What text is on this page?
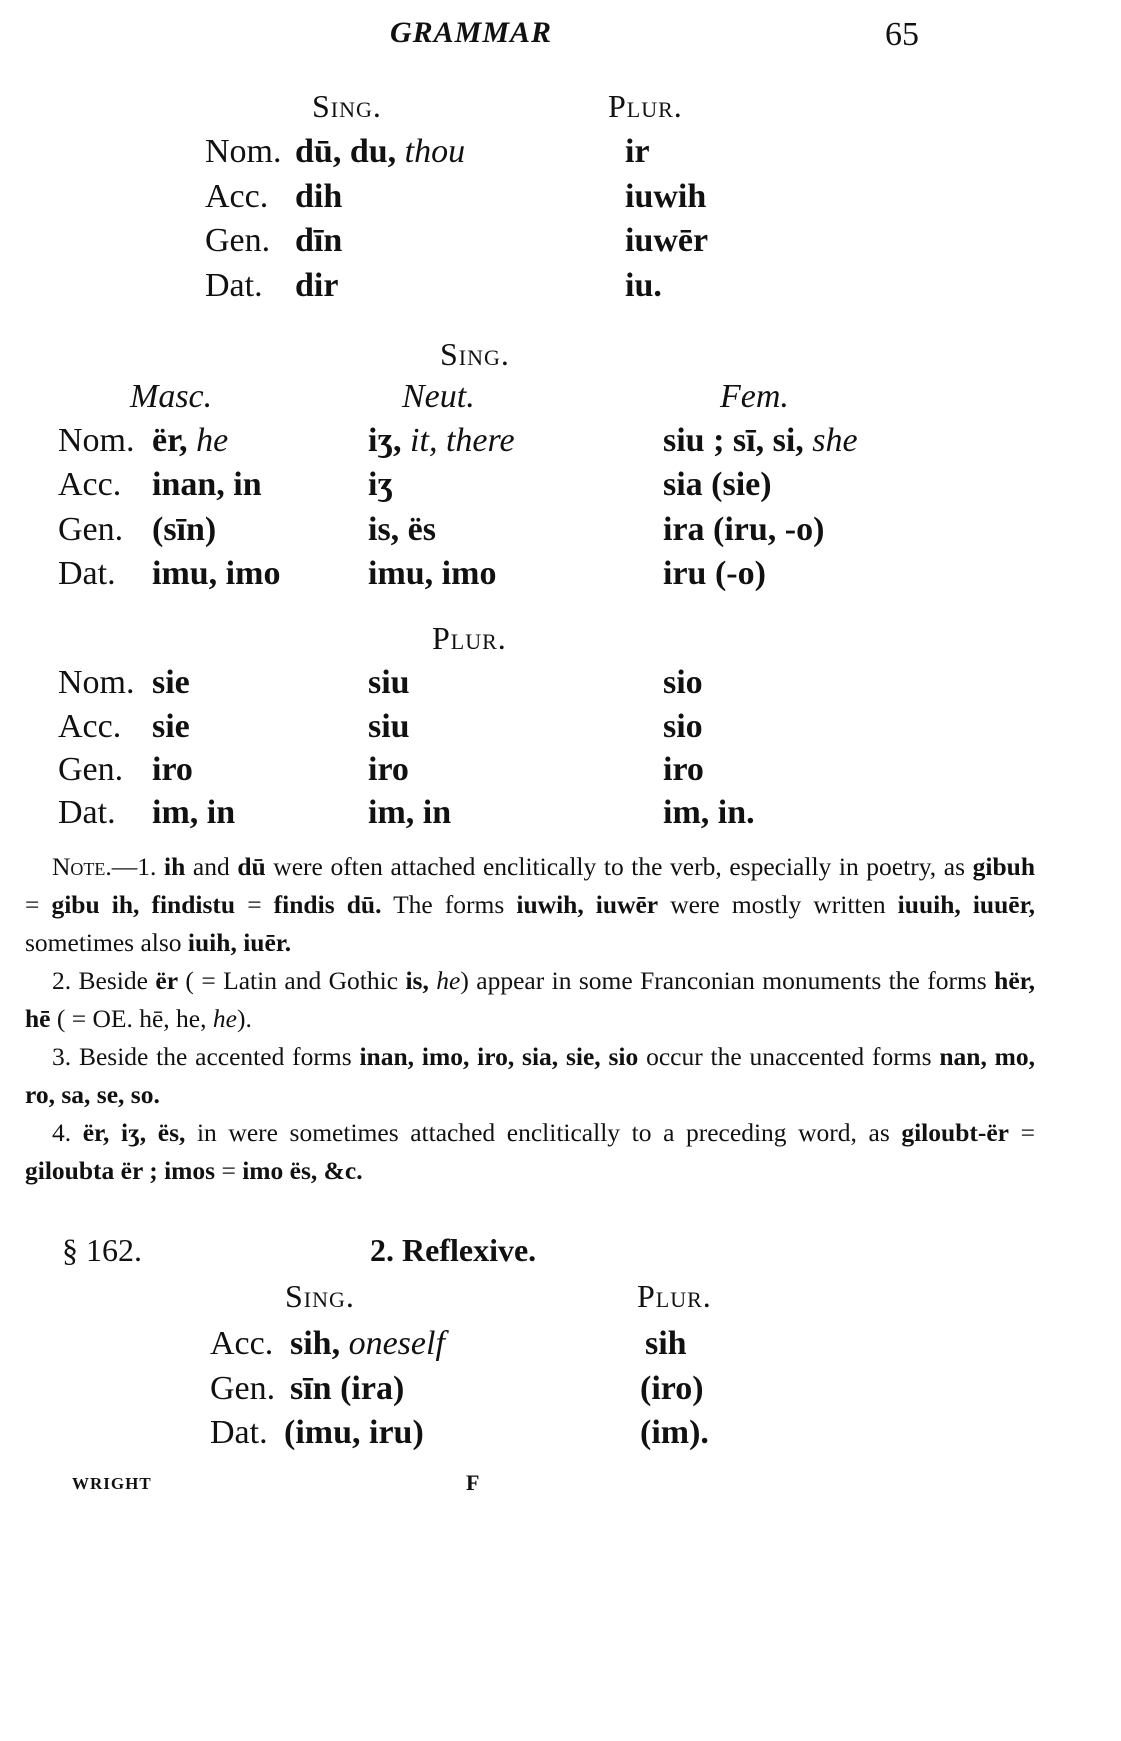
GRAMMAR	65
Sing.	Plur.
Nom. dū, du, thou	ir
Acc. dih	iuwih
Gen. dīn	iuwēr
Dat. dir	iu.
Sing.
Masc.	Neut.	Fem.
Nom. ër, he	iʒ, it, there	siu ; sī, si, she
Acc. inan, in	iʒ	sia (sie)
Gen. (sīn)	is, ës	ira (iru, -o)
Dat. imu, imo	imu, imo	iru (-o)
Plur.
Nom. sie	siu	sio
Acc. sie	siu	sio
Gen. iro	iro	iro
Dat. im, in	im, in	im, in.

Note.—1. ih and dū were often attached enclitically to the verb, especially in poetry, as gibuh = gibu ih, findistu = findis dū. The forms iuwih, iuwēr were mostly written iuuih, iuuēr, sometimes also iuih, iuēr.

2. Beside ër ( = Latin and Gothic is, he) appear in some Franconian monuments the forms hër, hē ( = OE. hē, he, he).

3. Beside the accented forms inan, imo, iro, sia, sie, sio occur the unaccented forms nan, mo, ro, sa, se, so.

4. ër, iʒ, ës, in were sometimes attached enclitically to a preceding word, as giloubt-ër = giloubta ër ; imos = imo ës, &c.

§ 162.	2. Reflexive.
Sing.	Plur.
Acc. sih, oneself	sih
Gen. sīn (ira)	(iro)
Dat. (imu, iru)	(im).
WRIGHT	F
